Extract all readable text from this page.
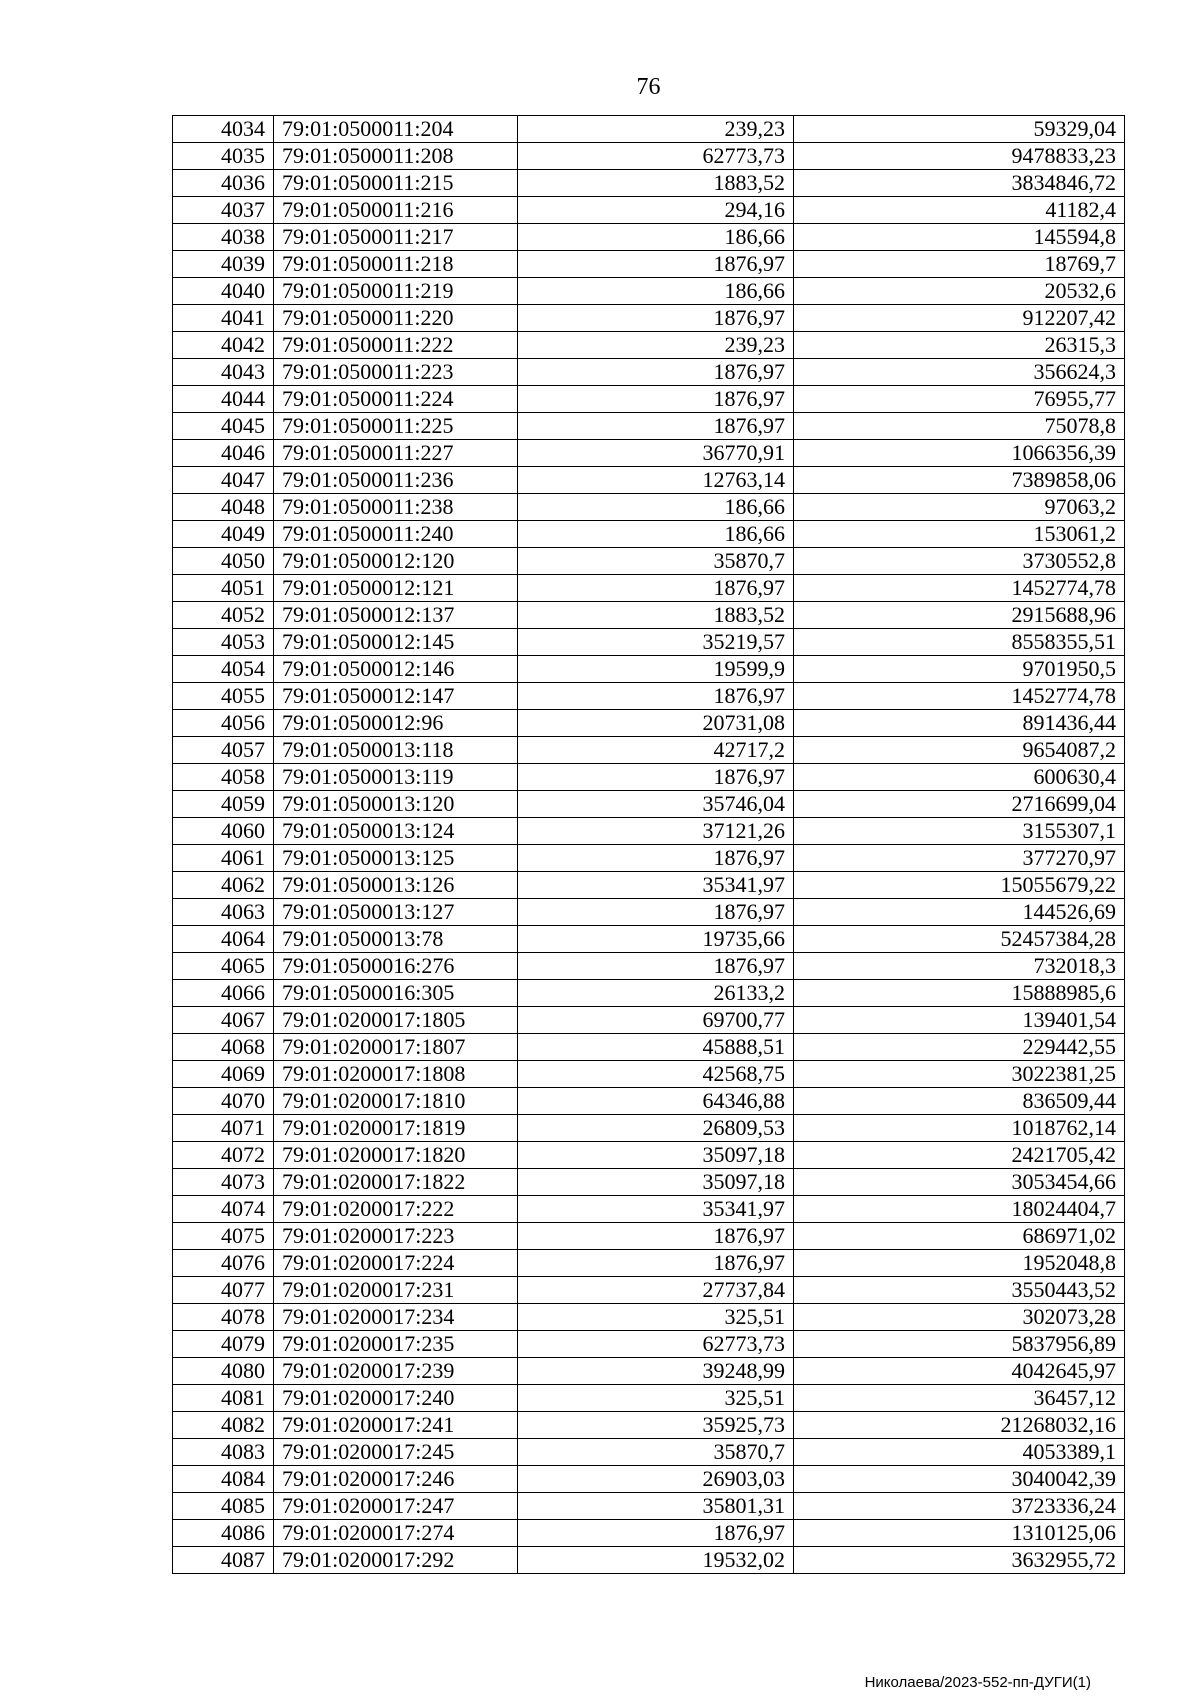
76
4034	79:01:0500011:204	239,23	59329,04
4035	79:01:0500011:208	62773,73	9478833,23
4036	79:01:0500011:215	1883,52	3834846,72
4037	79:01:0500011:216	294,16	41182,4
4038	79:01:0500011:217	186,66	145594,8
4039	79:01:0500011:218	1876,97	18769,7
4040	79:01:0500011:219	186,66	20532,6
4041	79:01:0500011:220	1876,97	912207,42
4042	79:01:0500011:222	239,23	26315,3
4043	79:01:0500011:223	1876,97	356624,3
4044	79:01:0500011:224	1876,97	76955,77
4045	79:01:0500011:225	1876,97	75078,8
4046	79:01:0500011:227	36770,91	1066356,39
4047	79:01:0500011:236	12763,14	7389858,06
4048	79:01:0500011:238	186,66	97063,2
4049	79:01:0500011:240	186,66	153061,2
4050	79:01:0500012:120	35870,7	3730552,8
4051	79:01:0500012:121	1876,97	1452774,78
4052	79:01:0500012:137	1883,52	2915688,96
4053	79:01:0500012:145	35219,57	8558355,51
4054	79:01:0500012:146	19599,9	9701950,5
4055	79:01:0500012:147	1876,97	1452774,78
4056	79:01:0500012:96	20731,08	891436,44
4057	79:01:0500013:118	42717,2	9654087,2
4058	79:01:0500013:119	1876,97	600630,4
4059	79:01:0500013:120	35746,04	2716699,04
4060	79:01:0500013:124	37121,26	3155307,1
4061	79:01:0500013:125	1876,97	377270,97
4062	79:01:0500013:126	35341,97	15055679,22
4063	79:01:0500013:127	1876,97	144526,69
4064	79:01:0500013:78	19735,66	52457384,28
4065	79:01:0500016:276	1876,97	732018,3
4066	79:01:0500016:305	26133,2	15888985,6
4067	79:01:0200017:1805	69700,77	139401,54
4068	79:01:0200017:1807	45888,51	229442,55
4069	79:01:0200017:1808	42568,75	3022381,25
4070	79:01:0200017:1810	64346,88	836509,44
4071	79:01:0200017:1819	26809,53	1018762,14
4072	79:01:0200017:1820	35097,18	2421705,42
4073	79:01:0200017:1822	35097,18	3053454,66
4074	79:01:0200017:222	35341,97	18024404,7
4075	79:01:0200017:223	1876,97	686971,02
4076	79:01:0200017:224	1876,97	1952048,8
4077	79:01:0200017:231	27737,84	3550443,52
4078	79:01:0200017:234	325,51	302073,28
4079	79:01:0200017:235	62773,73	5837956,89
4080	79:01:0200017:239	39248,99	4042645,97
4081	79:01:0200017:240	325,51	36457,12
4082	79:01:0200017:241	35925,73	21268032,16
4083	79:01:0200017:245	35870,7	4053389,1
4084	79:01:0200017:246	26903,03	3040042,39
4085	79:01:0200017:247	35801,31	3723336,24
4086	79:01:0200017:274	1876,97	1310125,06
4087	79:01:0200017:292	19532,02	3632955,72
Николаева/2023-552-пп-ДУГИ(1)
